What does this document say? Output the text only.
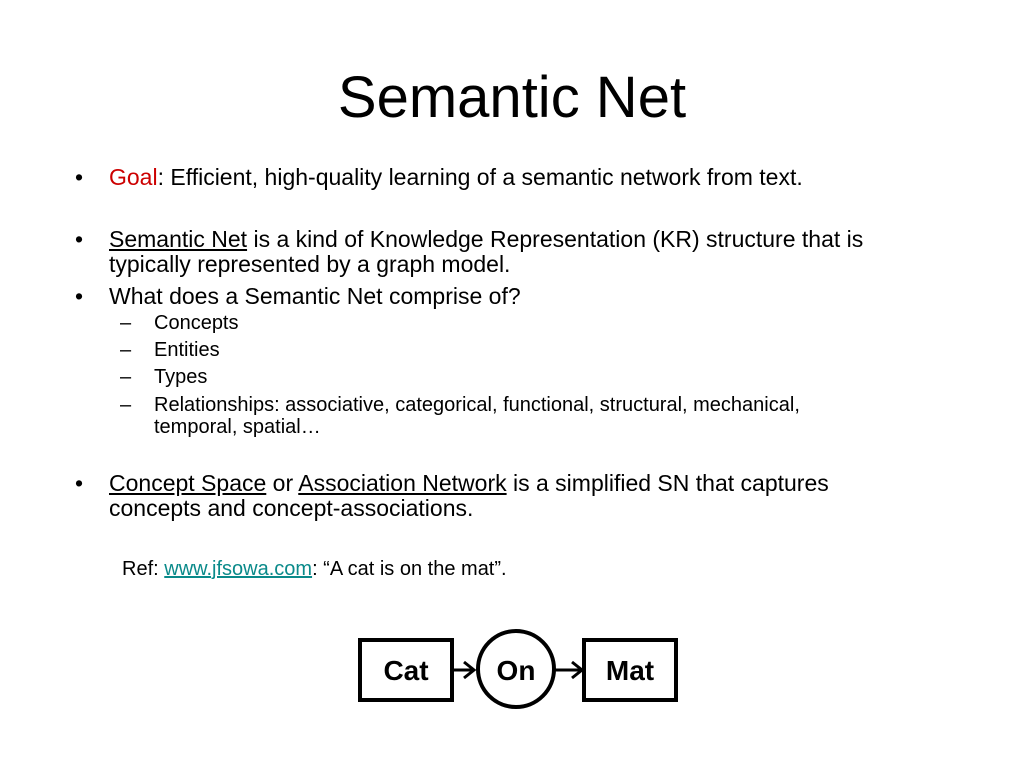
Semantic Net
• Goal: Efficient, high-quality learning of a semantic network from text.
• Semantic Net is a kind of Knowledge Representation (KR) structure that is
typically represented by a graph model.
• What does a Semantic Net comprise of?
– Concepts
– Entities
– Types
– Relationships: associative, categorical, functional, structural, mechanical,
temporal, spatial…
• Concept Space or Association Network is a simplified SN that captures
concepts and concept-associations.
Ref: www.jfsowa.com: “A cat is on the mat”.
Cat On	Mat
